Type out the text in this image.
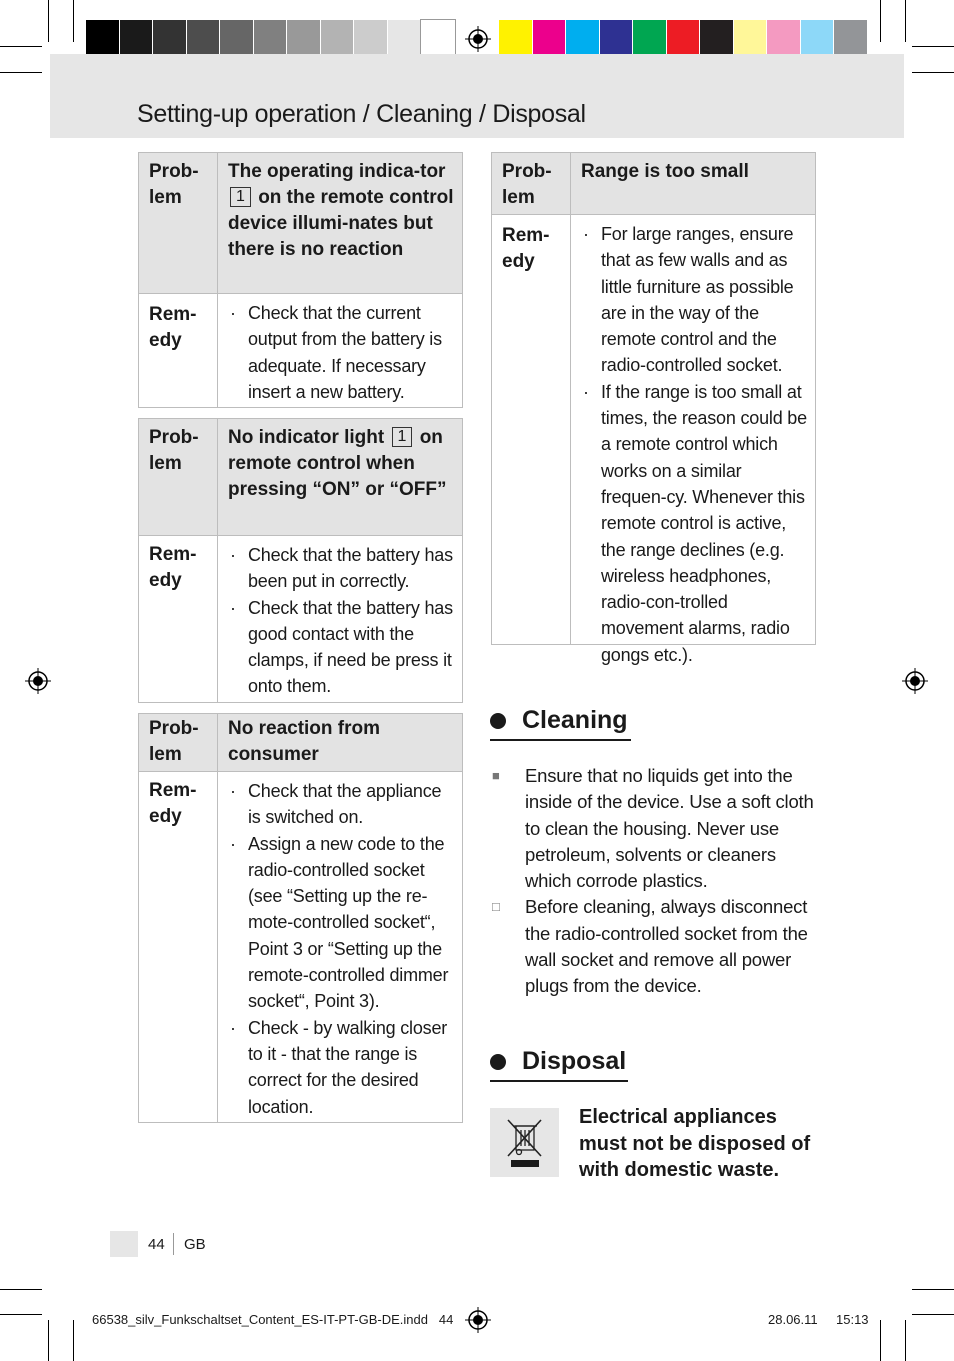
Setting-up operation / Cleaning / Disposal
Prob-
lem
The operating indica-tor 1 on the remote control device illumi-nates but there is no reaction
Rem-
edy
· Check that the current output from the battery is adequate. If necessary insert a new battery.
Prob-
lem
No indicator light 1 on remote control when pressing “ON” or “OFF”
Rem-
edy
· Check that the battery has been put in correctly.
· Check that the battery has good contact with the clamps, if need be press it onto them.
Prob-
lem
No reaction from consumer
Rem-
edy
· Check that the appliance is switched on.
· Assign a new code to the radio-controlled socket (see “Setting up the re-mote-controlled socket“, Point 3 or “Setting up the remote-controlled dimmer socket“, Point 3).
· Check - by walking closer to it - that the range is correct for the desired location.
Prob-
lem
Range is too small
Rem-
edy
· For large ranges, ensure that as few walls and as little furniture as possible are in the way of the remote control and the radio-controlled socket.
· If the range is too small at times, the reason could be a remote control which works on a similar frequen-cy. Whenever this remote control is active, the range declines (e.g. wireless headphones, radio-con-trolled movement alarms, radio gongs etc.).
Cleaning
■ Ensure that no liquids get into the inside of the device. Use a soft cloth to clean the housing. Never use petroleum, solvents or cleaners which corrode plastics.
□ Before cleaning, always disconnect the radio-controlled socket from the wall socket and remove all power plugs from the device.
Disposal
Electrical appliances must not be disposed of with domestic waste.
44 GB
66538_silv_Funkschaltset_Content_ES-IT-PT-GB-DE.indd   44	28.06.11 15:13
